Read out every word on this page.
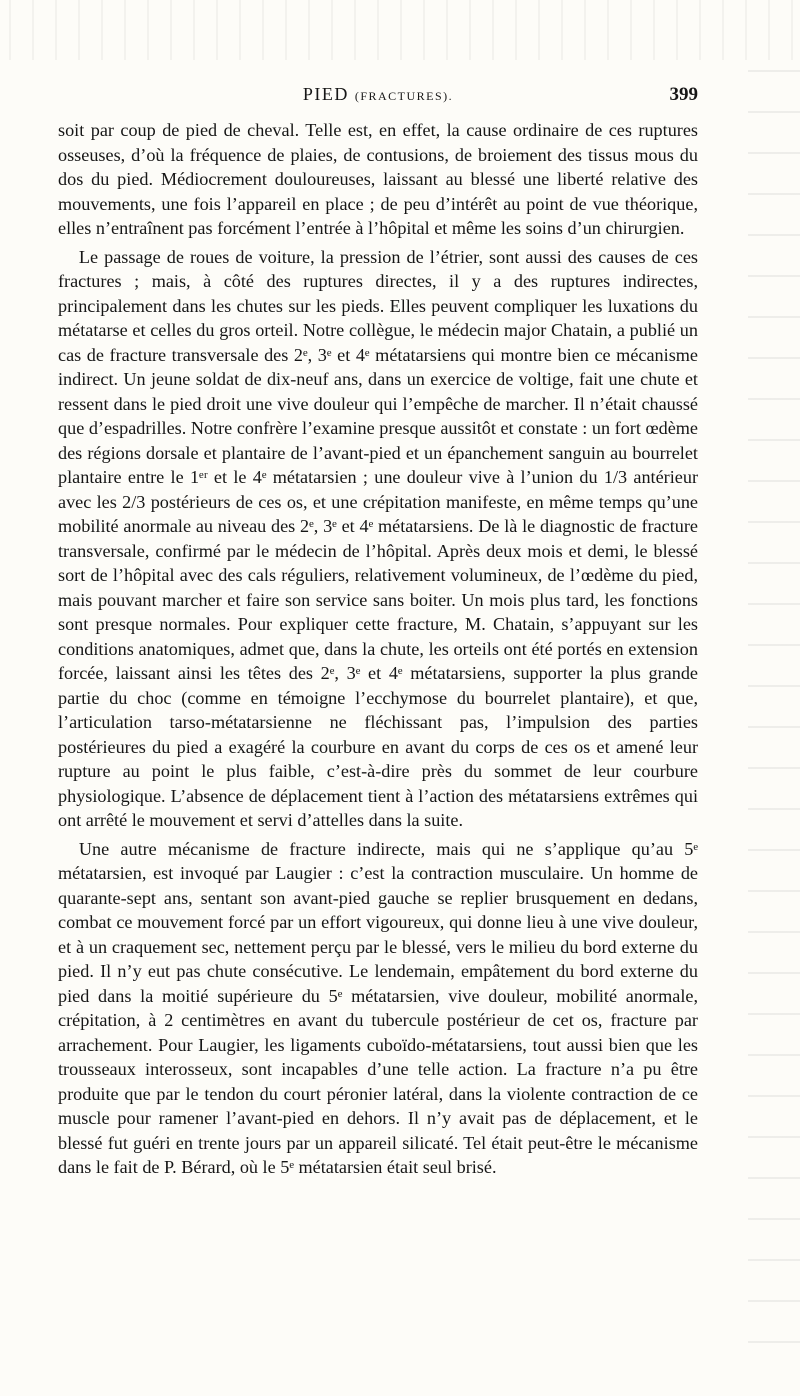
PIED (FRACTURES).	399

soit par coup de pied de cheval. Telle est, en effet, la cause ordinaire de ces ruptures osseuses, d’où la fréquence de plaies, de contusions, de broiement des tissus mous du dos du pied. Médiocrement douloureuses, laissant au blessé une liberté relative des mouvements, une fois l’appareil en place ; de peu d’intérêt au point de vue théorique, elles n’entraînent pas forcément l’entrée à l’hôpital et même les soins d’un chirurgien.

Le passage de roues de voiture, la pression de l’étrier, sont aussi des causes de ces fractures ; mais, à côté des ruptures directes, il y a des ruptures indirectes, principalement dans les chutes sur les pieds. Elles peuvent compliquer les luxations du métatarse et celles du gros orteil. Notre collègue, le médecin major Chatain, a publié un cas de fracture transversale des 2ᵉ, 3ᵉ et 4ᵉ métatarsiens qui montre bien ce mécanisme indirect. Un jeune soldat de dix-neuf ans, dans un exercice de voltige, fait une chute et ressent dans le pied droit une vive douleur qui l’empêche de marcher. Il n’était chaussé que d’espadrilles. Notre confrère l’examine presque aussitôt et constate : un fort œdème des régions dorsale et plantaire de l’avant-pied et un épanchement sanguin au bourrelet plantaire entre le 1ᵉʳ et le 4ᵉ métatarsien ; une douleur vive à l’union du 1/3 antérieur avec les 2/3 postérieurs de ces os, et une crépitation manifeste, en même temps qu’une mobilité anormale au niveau des 2ᵉ, 3ᵉ et 4ᵉ métatarsiens. De là le diagnostic de fracture transversale, confirmé par le médecin de l’hôpital. Après deux mois et demi, le blessé sort de l’hôpital avec des cals réguliers, relativement volumineux, de l’œdème du pied, mais pouvant marcher et faire son service sans boiter. Un mois plus tard, les fonctions sont presque normales. Pour expliquer cette fracture, M. Chatain, s’appuyant sur les conditions anatomiques, admet que, dans la chute, les orteils ont été portés en extension forcée, laissant ainsi les têtes des 2ᵉ, 3ᵉ et 4ᵉ métatarsiens, supporter la plus grande partie du choc (comme en témoigne l’ecchymose du bourrelet plantaire), et que, l’articulation tarso-métatarsienne ne fléchissant pas, l’impulsion des parties postérieures du pied a exagéré la courbure en avant du corps de ces os et amené leur rupture au point le plus faible, c’est-à-dire près du sommet de leur courbure physiologique. L’absence de déplacement tient à l’action des métatarsiens extrêmes qui ont arrêté le mouvement et servi d’attelles dans la suite.

Une autre mécanisme de fracture indirecte, mais qui ne s’applique qu’au 5ᵉ métatarsien, est invoqué par Laugier : c’est la contraction musculaire. Un homme de quarante-sept ans, sentant son avant-pied gauche se replier brusquement en dedans, combat ce mouvement forcé par un effort vigoureux, qui donne lieu à une vive douleur, et à un craquement sec, nettement perçu par le blessé, vers le milieu du bord externe du pied. Il n’y eut pas chute consécutive. Le lendemain, empâtement du bord externe du pied dans la moitié supérieure du 5ᵉ métatarsien, vive douleur, mobilité anormale, crépitation, à 2 centimètres en avant du tubercule postérieur de cet os, fracture par arrachement. Pour Laugier, les ligaments cuboïdo-métatarsiens, tout aussi bien que les trousseaux interosseux, sont incapables d’une telle action. La fracture n’a pu être produite que par le tendon du court péronier latéral, dans la violente contraction de ce muscle pour ramener l’avant-pied en dehors. Il n’y avait pas de déplacement, et le blessé fut guéri en trente jours par un appareil silicaté. Tel était peut-être le mécanisme dans le fait de P. Bérard, où le 5ᵉ métatarsien était seul brisé.
